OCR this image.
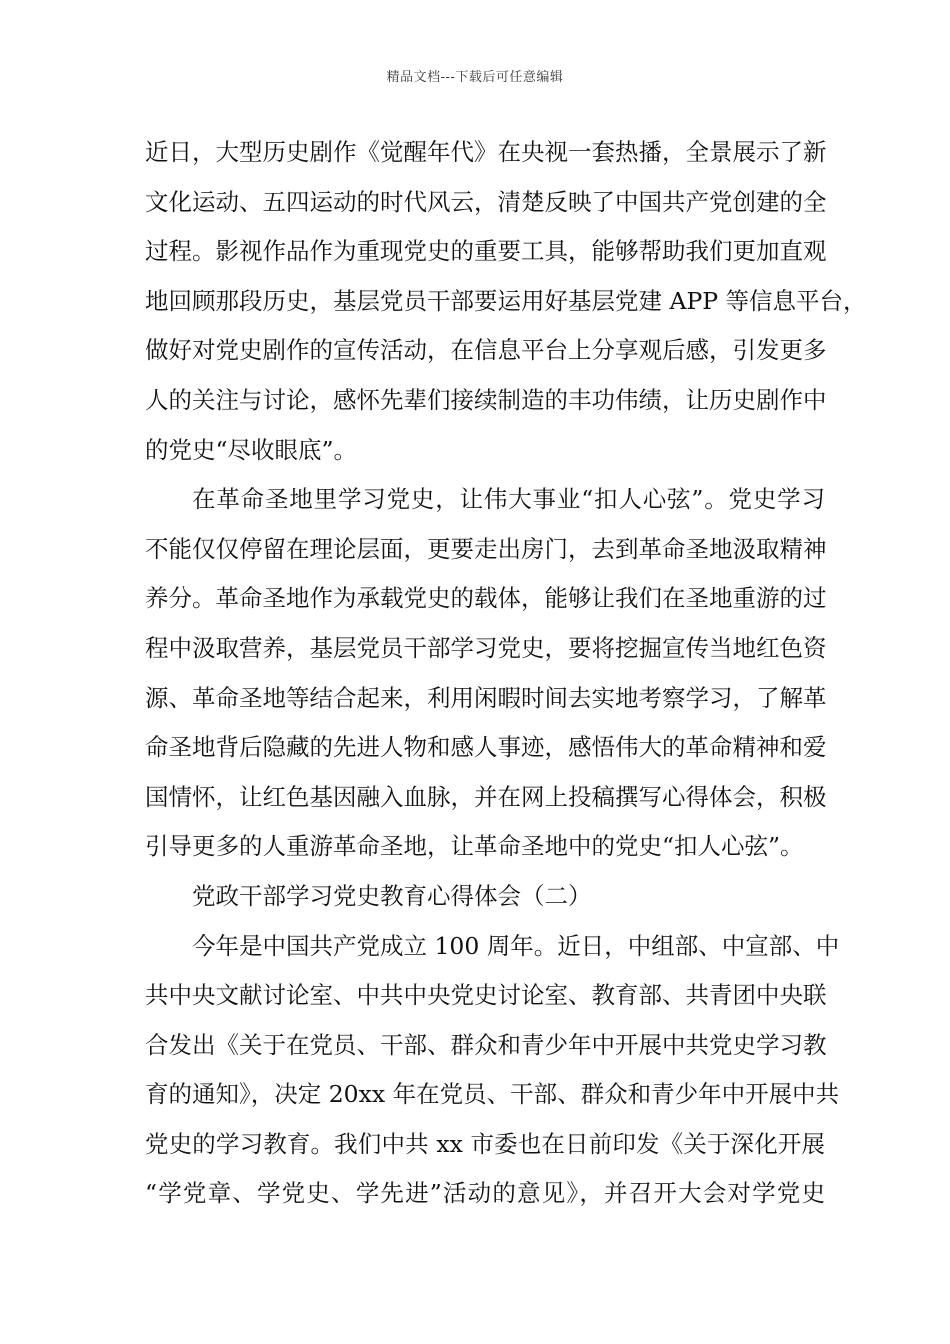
精品文档---下载后可任意编辑
近日，大型历史剧作《觉醒年代》在央视一套热播，全景展示了新
文化运动、五四运动的时代风云，清楚反映了中国共产党创建的全
过程。影视作品作为重现党史的重要工具，能够帮助我们更加直观
地回顾那段历史，基层党员干部要运用好基层党建 APP 等信息平台，
做好对党史剧作的宣传活动，在信息平台上分享观后感，引发更多
人的关注与讨论，感怀先辈们接续制造的丰功伟绩，让历史剧作中
的党史“尽收眼底”。
在革命圣地里学习党史，让伟大事业“扣人心弦”。党史学习
不能仅仅停留在理论层面，更要走出房门，去到革命圣地汲取精神
养分。革命圣地作为承载党史的载体，能够让我们在圣地重游的过
程中汲取营养，基层党员干部学习党史，要将挖掘宣传当地红色资
源、革命圣地等结合起来，利用闲暇时间去实地考察学习，了解革
命圣地背后隐藏的先进人物和感人事迹，感悟伟大的革命精神和爱
国情怀，让红色基因融入血脉，并在网上投稿撰写心得体会，积极
引导更多的人重游革命圣地，让革命圣地中的党史“扣人心弦”。
党政干部学习党史教育心得体会（二）
今年是中国共产党成立 100 周年。近日，中组部、中宣部、中
共中央文献讨论室、中共中央党史讨论室、教育部、共青团中央联
合发出《关于在党员、干部、群众和青少年中开展中共党史学习教
育的通知》，决定 20xx 年在党员、干部、群众和青少年中开展中共
党史的学习教育。我们中共 xx 市委也在日前印发《关于深化开展
“学党章、学党史、学先进”活动的意见》，并召开大会对学党史
